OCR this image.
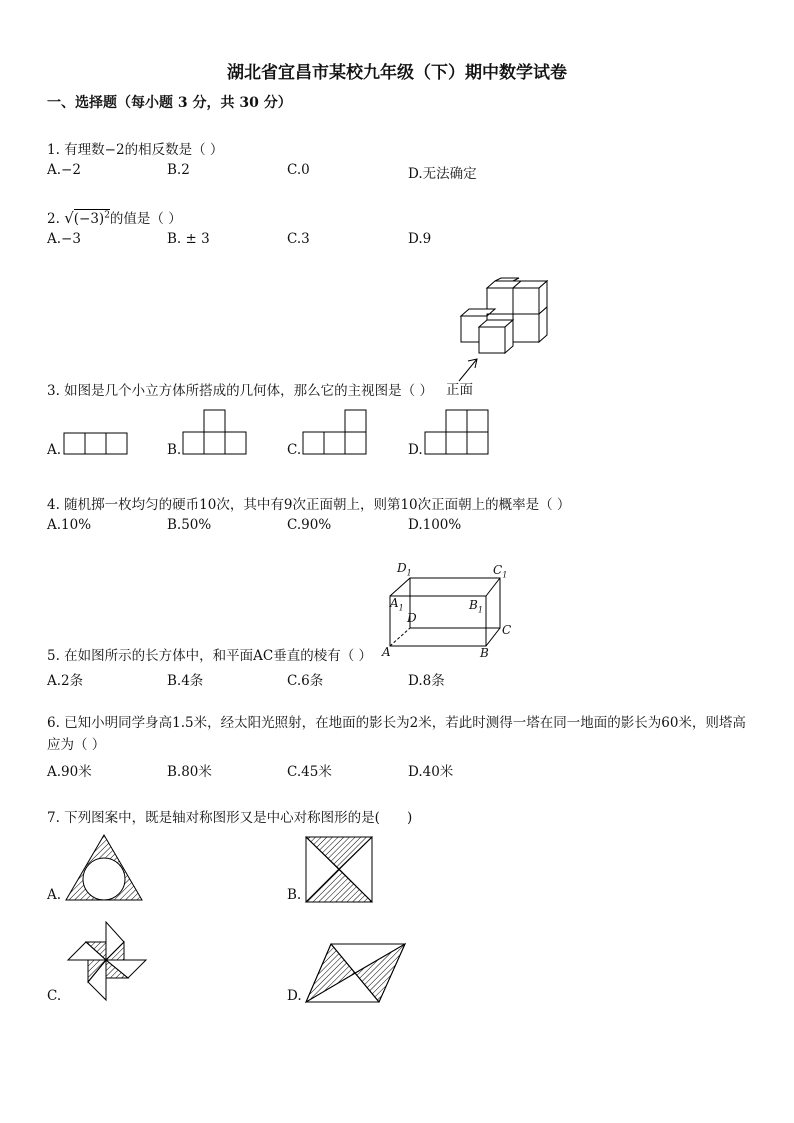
湖北省宜昌市某校九年级（下）期中数学试卷
一、选择题（每小题 3 分，共 30 分）
1. 有理数−2的相反数是（ ）
A.−2	B.2	C.0	D.无法确定
2. $√(-3)^2$的值是（ ）
A.−3	B. ± 3	C.3	D.9
正面
3. 如图是几个小立方体所搭成的几何体，那么它的主视图是（ ）
A.	B.	C.	D.
4. 随机掷一枚均匀的硬币10次，其中有9次正面朝上，则第10次正面朝上的概率是（ ）
A.10%	B.50%	C.90%	D.100%
$D_1$	$C_1$
$A_1$	$B_1$
D
C
A	B
5. 在如图所示的长方体中，和平面AC垂直的棱有（ ）
A.2条	B.4条	C.6条	D.8条
6. 已知小明同学身高1.5米，经太阳光照射，在地面的影长为2米，若此时测得一塔在同一地面的影长为60米，则塔高应为（ ）
A.90米	B.80米	C.45米	D.40米
7. 下列图案中，既是轴对称图形又是中心对称图形的是(　　)
A.	B.
C.	D.
